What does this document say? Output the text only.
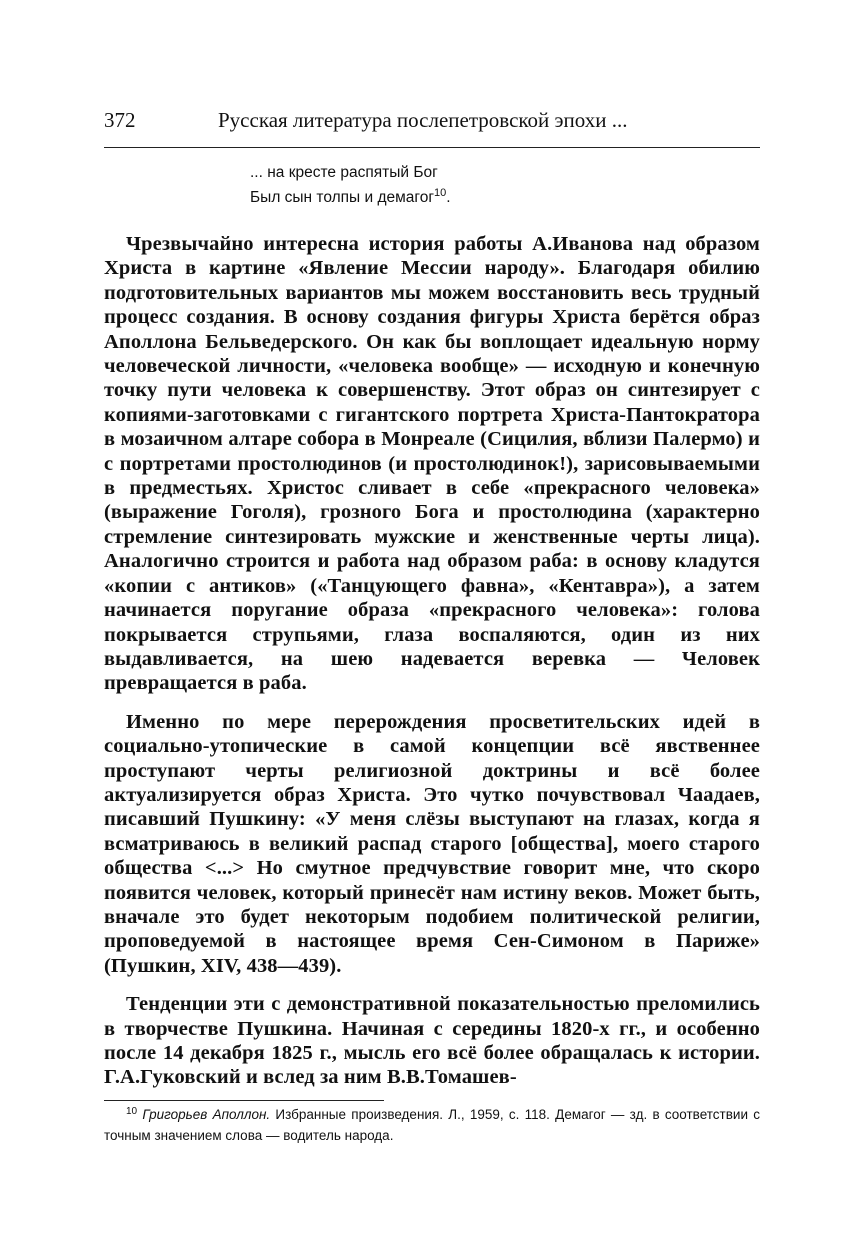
372	Русская литература послепетровской эпохи ...
... на кресте распятый Бог
Был сын толпы и демагог$^{10}$.

Чрезвычайно интересна история работы А.Иванова над образом Христа в картине «Явление Мессии народу». Благодаря обилию подготовительных вариантов мы можем восстановить весь трудный процесс создания. В основу создания фигуры Христа берётся образ Аполлона Бельведерского. Он как бы воплощает идеальную норму человеческой личности, «человека вообще» — исходную и конечную точку пути человека к совершенству. Этот образ он синтезирует с копиями-заготовками с гигантского портрета Христа-Пантократора в мозаичном алтаре собора в Монреале (Сицилия, вблизи Палермо) и с портретами простолюдинов (и простолюдинок!), зарисовываемыми в предместьях. Христос сливает в себе «прекрасного человека» (выражение Гоголя), грозного Бога и простолюдина (характерно стремление синтезировать мужские и женственные черты лица). Аналогично строится и работа над образом раба: в основу кладутся «копии с антиков» («Танцующего фавна», «Кентавра»), а затем начинается поругание образа «прекрасного человека»: голова покрывается струпьями, глаза воспаляются, один из них выдавливается, на шею надевается веревка — Человек превращается в раба.

Именно по мере перерождения просветительских идей в социально-утопические в самой концепции всё явственнее проступают черты религиозной доктрины и всё более актуализируется образ Христа. Это чутко почувствовал Чаадаев, писавший Пушкину: «У меня слёзы выступают на глазах, когда я всматриваюсь в великий распад старого [общества], моего старого общества <...> Но смутное предчувствие говорит мне, что скоро появится человек, который принесёт нам истину веков. Может быть, вначале это будет некоторым подобием политической религии, проповедуемой в настоящее время Сен-Симоном в Париже» (Пушкин, XIV, 438—439).

Тенденции эти с демонстративной показательностью преломились в творчестве Пушкина. Начиная с середины 1820-х гг., и особенно после 14 декабря 1825 г., мысль его всё более обращалась к истории. Г.А.Гуковский и вслед за ним В.В.Томашев-

$^{10}$ Григорьев Аполлон. Избранные произведения. Л., 1959, с. 118. Демагог — зд. в соответствии с точным значением слова — водитель народа.
